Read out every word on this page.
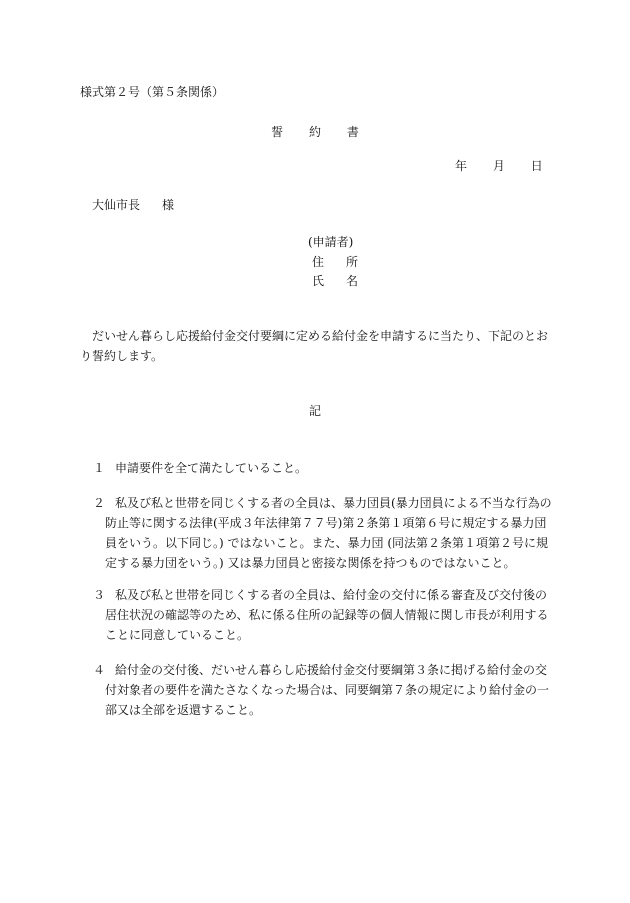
様式第２号（第５条関係）
誓 約 書
年 月 日
大仙市長 様
(申請者)
住 所
氏 名
だいせん暮らし応援給付金交付要綱に定める給付金を申請するに当たり、下記のとおり誓約します。
記
１ 申請要件を全て満たしていること。
２ 私及び私と世帯を同じくする者の全員は、暴力団員(暴力団員による不当な行為の防止等に関する法律(平成３年法律第７７号)第２条第１項第６号に規定する暴力団員をいう。以下同じ。) ではないこと。また、暴力団 (同法第２条第１項第２号に規定する暴力団をいう。) 又は暴力団員と密接な関係を持つものではないこと。
３ 私及び私と世帯を同じくする者の全員は、給付金の交付に係る審査及び交付後の居住状況の確認等のため、私に係る住所の記録等の個人情報に関し市長が利用することに同意していること。
４ 給付金の交付後、だいせん暮らし応援給付金交付要綱第３条に掲げる給付金の交付対象者の要件を満たさなくなった場合は、同要綱第７条の規定により給付金の一部又は全部を返還すること。
